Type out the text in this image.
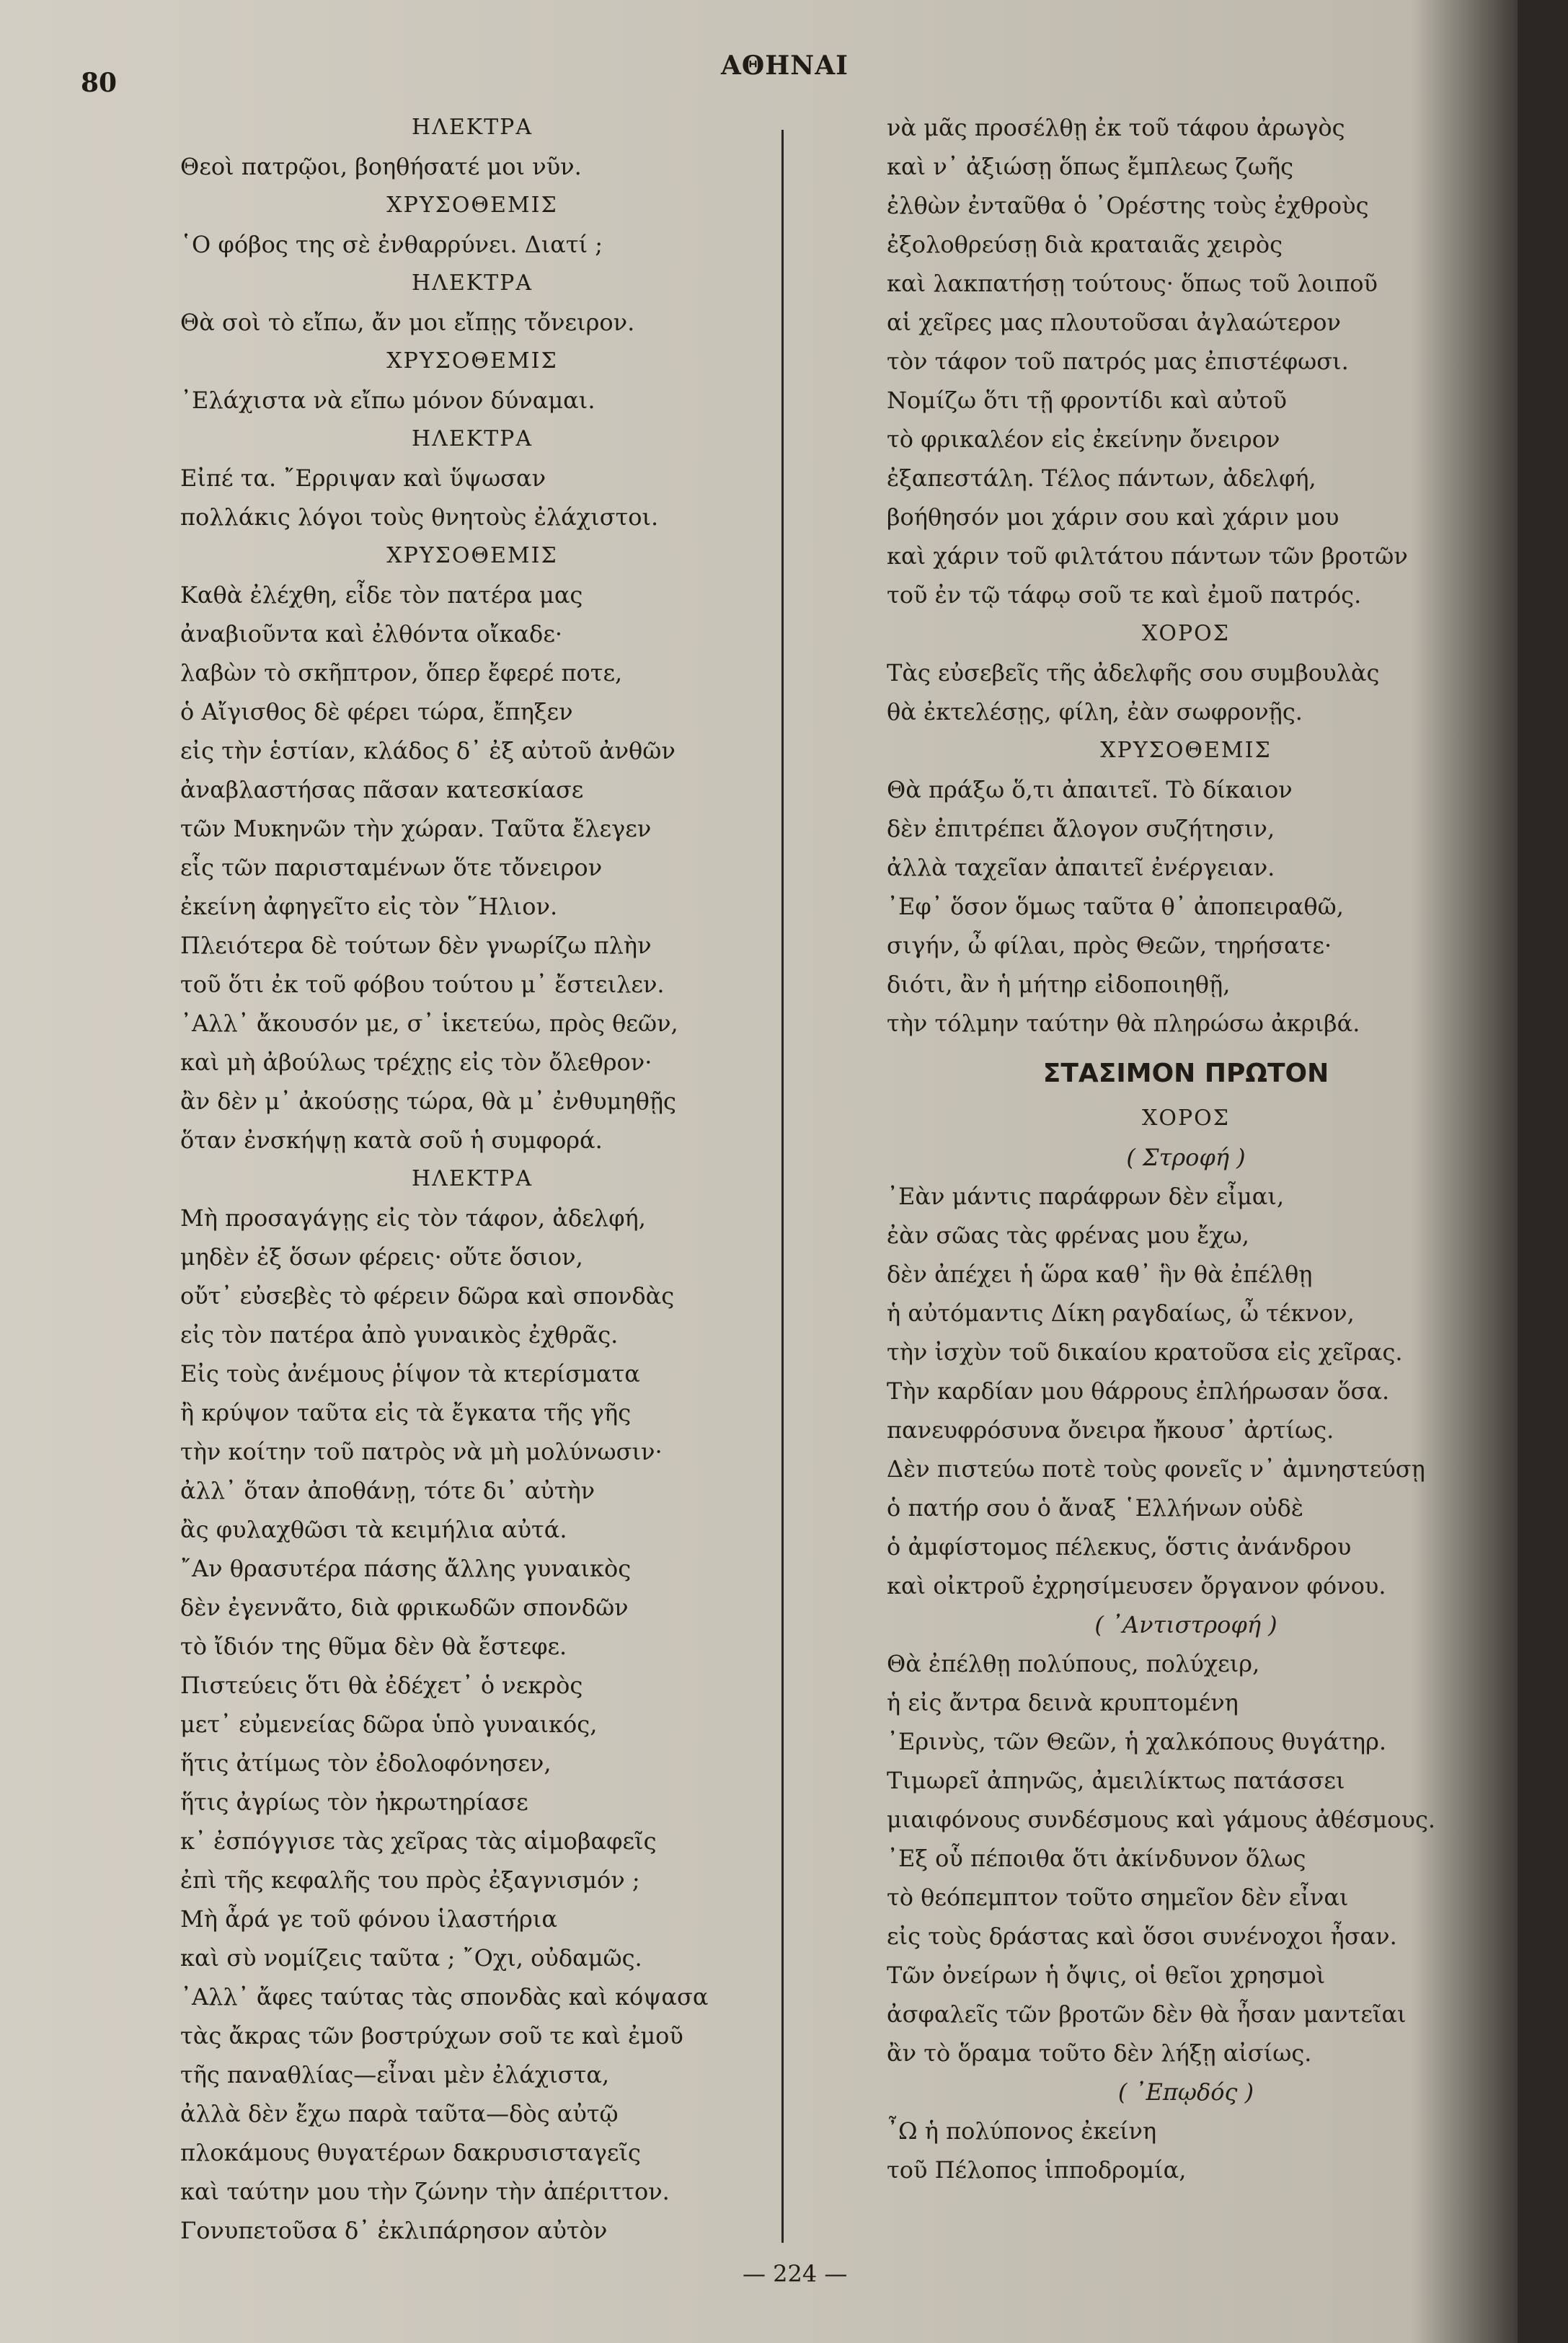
80
ΑΘΗΝΑΙ
ΗΛΕΚΤΡΑ
Θεοὶ πατρῷοι, βοηθήσατέ μοι νῦν.
ΧΡΥΣΟΘΕΜΙΣ
῾Ο φόβος της σὲ ἐνθαρρύνει. Διατί ;
ΗΛΕΚΤΡΑ
Θὰ σοὶ τὸ εἴπω, ἄν μοι εἴπῃς τὄνειρον.
ΧΡΥΣΟΘΕΜΙΣ
᾿Ελάχιστα νὰ εἴπω μόνον δύναμαι.
ΗΛΕΚΤΡΑ
Εἰπέ τα. ῎Ερριψαν καὶ ὕψωσαν
πολλάκις λόγοι τοὺς θνητοὺς ἐλάχιστοι.
ΧΡΥΣΟΘΕΜΙΣ
Καθὰ ἐλέχθη, εἶδε τὸν πατέρα μας
ἀναβιοῦντα καὶ ἐλθόντα οἴκαδε·
λαβὼν τὸ σκῆπτρον, ὅπερ ἔφερέ ποτε,
ὁ Αἴγισθος δὲ φέρει τώρα, ἔπηξεν
εἰς τὴν ἑστίαν, κλάδος δ᾿ ἐξ αὐτοῦ ἀνθῶν
ἀναβλαστήσας πᾶσαν κατεσκίασε
τῶν Μυκηνῶν τὴν χώραν. Ταῦτα ἔλεγεν
εἷς τῶν παρισταμένων ὅτε τὄνειρον
ἐκείνη ἀφηγεῖτο εἰς τὸν ῞Ηλιον.
Πλειότερα δὲ τούτων δὲν γνωρίζω πλὴν
τοῦ ὅτι ἐκ τοῦ φόβου τούτου μ᾿ ἔστειλεν.
᾿Αλλ᾿ ἄκουσόν με, σ᾿ ἱκετεύω, πρὸς θεῶν,
καὶ μὴ ἀβούλως τρέχῃς εἰς τὸν ὄλεθρον·
ἂν δὲν μ᾿ ἀκούσῃς τώρα, θὰ μ᾿ ἐνθυμηθῇς
ὅταν ἐνσκήψῃ κατὰ σοῦ ἡ συμφορά.
ΗΛΕΚΤΡΑ
Μὴ προσαγάγῃς εἰς τὸν τάφον, ἀδελφή,
μηδὲν ἐξ ὅσων φέρεις· οὔτε ὅσιον,
οὔτ᾿ εὐσεβὲς τὸ φέρειν δῶρα καὶ σπονδὰς
εἰς τὸν πατέρα ἀπὸ γυναικὸς ἐχθρᾶς.
Εἰς τοὺς ἀνέμους ῥίψον τὰ κτερίσματα
ἢ κρύψον ταῦτα εἰς τὰ ἔγκατα τῆς γῆς
τὴν κοίτην τοῦ πατρὸς νὰ μὴ μολύνωσιν·
ἀλλ᾿ ὅταν ἀποθάνῃ, τότε δι᾿ αὐτὴν
ἂς φυλαχθῶσι τὰ κειμήλια αὐτά.
῎Αν θρασυτέρα πάσης ἄλλης γυναικὸς
δὲν ἐγεννᾶτο, διὰ φρικωδῶν σπονδῶν
τὸ ἴδιόν της θῦμα δὲν θὰ ἔστεφε.
Πιστεύεις ὅτι θὰ ἐδέχετ᾿ ὁ νεκρὸς
μετ᾿ εὐμενείας δῶρα ὑπὸ γυναικός,
ἥτις ἀτίμως τὸν ἐδολοφόνησεν,
ἥτις ἀγρίως τὸν ἠκρωτηρίασε
κ᾿ ἐσπόγγισε τὰς χεῖρας τὰς αἱμοβαφεῖς
ἐπὶ τῆς κεφαλῆς του πρὸς ἐξαγνισμόν ;
Μὴ ἆρά γε τοῦ φόνου ἱλαστήρια
καὶ σὺ νομίζεις ταῦτα ; ῎Οχι, οὐδαμῶς.
᾿Αλλ᾿ ἄφες ταύτας τὰς σπονδὰς καὶ κόψασα
τὰς ἄκρας τῶν βοστρύχων σοῦ τε καὶ ἐμοῦ
τῆς παναθλίας—εἶναι μὲν ἐλάχιστα,
ἀλλὰ δὲν ἔχω παρὰ ταῦτα—δὸς αὐτῷ
πλοκάμους θυγατέρων δακρυσισταγεῖς
καὶ ταύτην μου τὴν ζώνην τὴν ἀπέριττον.
Γονυπετοῦσα δ᾿ ἐκλιπάρησον αὐτὸν
νὰ μᾶς προσέλθῃ ἐκ τοῦ τάφου ἀρωγὸς
καὶ ν᾿ ἀξιώσῃ ὅπως ἔμπλεως ζωῆς
ἐλθὼν ἐνταῦθα ὁ ᾿Ορέστης τοὺς ἐχθροὺς
ἐξολοθρεύσῃ διὰ κραταιᾶς χειρὸς
καὶ λακπατήσῃ τούτους· ὅπως τοῦ λοιποῦ
αἱ χεῖρες μας πλουτοῦσαι ἀγλαώτερον
τὸν τάφον τοῦ πατρός μας ἐπιστέφωσι.
Νομίζω ὅτι τῇ φροντίδι καὶ αὐτοῦ
τὸ φρικαλέον εἰς ἐκείνην ὄνειρον
ἐξαπεστάλη. Τέλος πάντων, ἀδελφή,
βοήθησόν μοι χάριν σου καὶ χάριν μου
καὶ χάριν τοῦ φιλτάτου πάντων τῶν βροτῶν
τοῦ ἐν τῷ τάφῳ σοῦ τε καὶ ἐμοῦ πατρός.
ΧΟΡΟΣ
Τὰς εὐσεβεῖς τῆς ἀδελφῆς σου συμβουλὰς
θὰ ἐκτελέσῃς, φίλη, ἐὰν σωφρονῇς.
ΧΡΥΣΟΘΕΜΙΣ
Θὰ πράξω ὅ,τι ἀπαιτεῖ. Τὸ δίκαιον
δὲν ἐπιτρέπει ἄλογον συζήτησιν,
ἀλλὰ ταχεῖαν ἀπαιτεῖ ἐνέργειαν.
᾿Εφ᾿ ὅσον ὅμως ταῦτα θ᾿ ἀποπειραθῶ,
σιγήν, ὦ φίλαι, πρὸς Θεῶν, τηρήσατε·
διότι, ἂν ἡ μήτηρ εἰδοποιηθῇ,
τὴν τόλμην ταύτην θὰ πληρώσω ἀκριβά.
ΣΤΑΣΙΜΟΝ ΠΡΩΤΟΝ
ΧΟΡΟΣ
( Στροφή )
᾿Εὰν μάντις παράφρων δὲν εἶμαι,
ἐὰν σῶας τὰς φρένας μου ἔχω,
δὲν ἀπέχει ἡ ὥρα καθ᾿ ἣν θὰ ἐπέλθῃ
ἡ αὐτόμαντις Δίκη ραγδαίως, ὦ τέκνον,
τὴν ἰσχὺν τοῦ δικαίου κρατοῦσα εἰς χεῖρας.
Τὴν καρδίαν μου θάρρους ἐπλήρωσαν ὅσα.
πανευφρόσυνα ὄνειρα ἤκουσ᾿ ἀρτίως.
Δὲν πιστεύω ποτὲ τοὺς φονεῖς ν᾿ ἀμνηστεύσῃ
ὁ πατήρ σου ὁ ἄναξ ῾Ελλήνων οὐδὲ
ὁ ἀμφίστομος πέλεκυς, ὅστις ἀνάνδρου
καὶ οἰκτροῦ ἐχρησίμευσεν ὄργανον φόνου.
( ᾿Αντιστροφή )
Θὰ ἐπέλθῃ πολύπους, πολύχειρ,
ἡ εἰς ἄντρα δεινὰ κρυπτομένη
᾿Ερινὺς, τῶν Θεῶν, ἡ χαλκόπους θυγάτηρ.
Τιμωρεῖ ἀπηνῶς, ἀμειλίκτως πατάσσει
μιαιφόνους συνδέσμους καὶ γάμους ἀθέσμους.
᾿Εξ οὗ πέποιθα ὅτι ἀκίνδυνον ὅλως
τὸ θεόπεμπτον τοῦτο σημεῖον δὲν εἶναι
εἰς τοὺς δράστας καὶ ὅσοι συνένοχοι ἦσαν.
Τῶν ὀνείρων ἡ ὄψις, οἱ θεῖοι χρησμοὶ
ἀσφαλεῖς τῶν βροτῶν δὲν θὰ ἦσαν μαντεῖαι
ἂν τὸ ὅραμα τοῦτο δὲν λήξῃ αἰσίως.
( ᾿Επῳδός )
῏Ω ἡ πολύπονος ἐκείνη
τοῦ Πέλοπος ἱπποδρομία,
— 224 —
